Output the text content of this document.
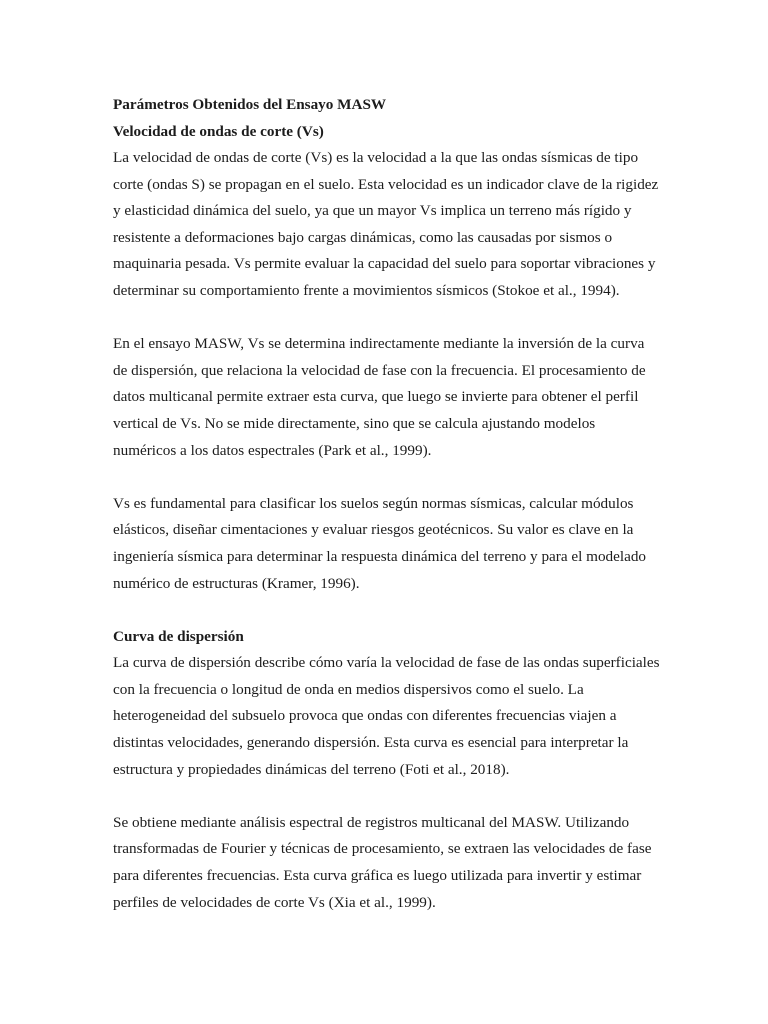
Parámetros Obtenidos del Ensayo MASW

Velocidad de ondas de corte (Vs)

La velocidad de ondas de corte (Vs) es la velocidad a la que las ondas sísmicas de tipo corte (ondas S) se propagan en el suelo. Esta velocidad es un indicador clave de la rigidez y elasticidad dinámica del suelo, ya que un mayor Vs implica un terreno más rígido y resistente a deformaciones bajo cargas dinámicas, como las causadas por sismos o maquinaria pesada. Vs permite evaluar la capacidad del suelo para soportar vibraciones y determinar su comportamiento frente a movimientos sísmicos (Stokoe et al., 1994).

En el ensayo MASW, Vs se determina indirectamente mediante la inversión de la curva de dispersión, que relaciona la velocidad de fase con la frecuencia. El procesamiento de datos multicanal permite extraer esta curva, que luego se invierte para obtener el perfil vertical de Vs. No se mide directamente, sino que se calcula ajustando modelos numéricos a los datos espectrales (Park et al., 1999).

Vs es fundamental para clasificar los suelos según normas sísmicas, calcular módulos elásticos, diseñar cimentaciones y evaluar riesgos geotécnicos. Su valor es clave en la ingeniería sísmica para determinar la respuesta dinámica del terreno y para el modelado numérico de estructuras (Kramer, 1996).

Curva de dispersión

La curva de dispersión describe cómo varía la velocidad de fase de las ondas superficiales con la frecuencia o longitud de onda en medios dispersivos como el suelo. La heterogeneidad del subsuelo provoca que ondas con diferentes frecuencias viajen a distintas velocidades, generando dispersión. Esta curva es esencial para interpretar la estructura y propiedades dinámicas del terreno (Foti et al., 2018).

Se obtiene mediante análisis espectral de registros multicanal del MASW. Utilizando transformadas de Fourier y técnicas de procesamiento, se extraen las velocidades de fase para diferentes frecuencias. Esta curva gráfica es luego utilizada para invertir y estimar perfiles de velocidades de corte Vs (Xia et al., 1999).
